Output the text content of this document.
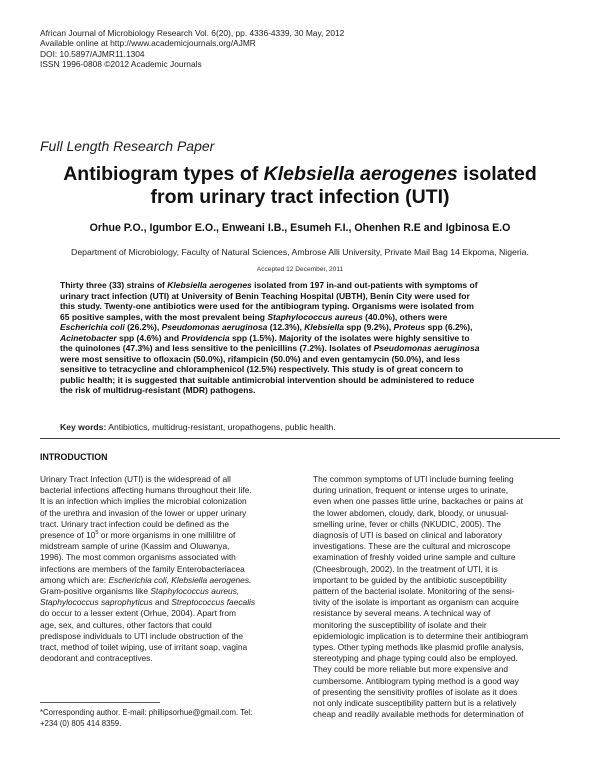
African Journal of Microbiology Research Vol. 6(20), pp. 4336-4339, 30 May, 2012
Available online at http://www.academicjournals.org/AJMR
DOI: 10.5897/AJMR11.1304
ISSN 1996-0808 ©2012 Academic Journals
Full Length Research Paper
Antibiogram types of Klebsiella aerogenes isolated
from urinary tract infection (UTI)
Orhue P.O., Igumbor E.O., Enweani I.B., Esumeh F.I., Ohenhen R.E and Igbinosa E.O
Department of Microbiology, Faculty of Natural Sciences, Ambrose Alli University, Private Mail Bag 14 Ekpoma, Nigeria.
Accepted 12 December, 2011
Thirty three (33) strains of Klebsiella aerogenes isolated from 197 in-and out-patients with symptoms of
urinary tract infection (UTI) at University of Benin Teaching Hospital (UBTH), Benin City were used for
this study. Twenty-one antibiotics were used for the antibiogram typing. Organisms were isolated from
65 positive samples, with the most prevalent being Staphylococcus aureus (40.0%), others were
Escherichia coli (26.2%), Pseudomonas aeruginosa (12.3%), Klebsiella spp (9.2%), Proteus spp (6.2%),
Acinetobacter spp (4.6%) and Providencia spp (1.5%). Majority of the isolates were highly sensitive to
the quinolones (47.3%) and less sensitive to the penicillins (7.2%). Isolates of Pseudomonas aeruginosa
were most sensitive to ofloxacin (50.0%), rifampicin (50.0%) and even gentamycin (50.0%), and less
sensitive to tetracycline and chloramphenicol (12.5%) respectively. This study is of great concern to
public health; it is suggested that suitable antimicrobial intervention should be administered to reduce
the risk of multidrug-resistant (MDR) pathogens.
Key words: Antibiotics, multidrug-resistant, uropathogens, public health.
INTRODUCTION
Urinary Tract Infection (UTI) is the widespread of all
bacterial infections affecting humans throughout their life.
It is an infection which implies the microbial colonization
of the urethra and invasion of the lower or upper urinary
tract. Urinary tract infection could be defined as the
presence of $10^5$ or more organisms in one millilitre of
midstream sample of urine (Kassim and Oluwanya,
1996). The most common organisms associated with
infections are members of the family Enterobacteriacea
among which are: Escherichia coli, Klebsiella aerogenes.
Gram-positive organisms like Staphylococcus aureus,
Staphylococcus saprophyticus and Streptococcus faecalis
do occur to a lesser extent (Orhue, 2004). Apart from
age, sex, and cultures, other factors that could
predispose individuals to UTI include obstruction of the
tract, method of toilet wiping, use of irritant soap, vagina
deodorant and contraceptives.
The common symptoms of UTI include burning feeling
during urination, frequent or intense urges to urinate,
even when one passes little urine, backaches or pains at
the lower abdomen, cloudy, dark, bloody, or unusual-
smelling urine, fever or chills (NKUDIC, 2005). The
diagnosis of UTI is based on clinical and laboratory
investigations. These are the cultural and microscope
examination of freshly voided urine sample and culture
(Cheesbrough, 2002). In the treatment of UTI, it is
important to be guided by the antibiotic susceptibility
pattern of the bacterial isolate. Monitoring of the sensi-
tivity of the isolate is important as organism can acquire
resistance by several means. A technical way of
monitoring the susceptibility of isolate and their
epidemiologic implication is to determine their antibiogram
types. Other typing methods like plasmid profile analysis,
stereotyping and phage typing could also be employed.
They could be more reliable but more expensive and
cumbersome. Antibiogram typing method is a good way
of presenting the sensitivity profiles of isolate as it does
not only indicate susceptibility pattern but is a relatively
cheap and readily available methods for determination of
*Corresponding author. E-mail: phillipsorhue@gmail.com. Tel:
+234 (0) 805 414 8359.
